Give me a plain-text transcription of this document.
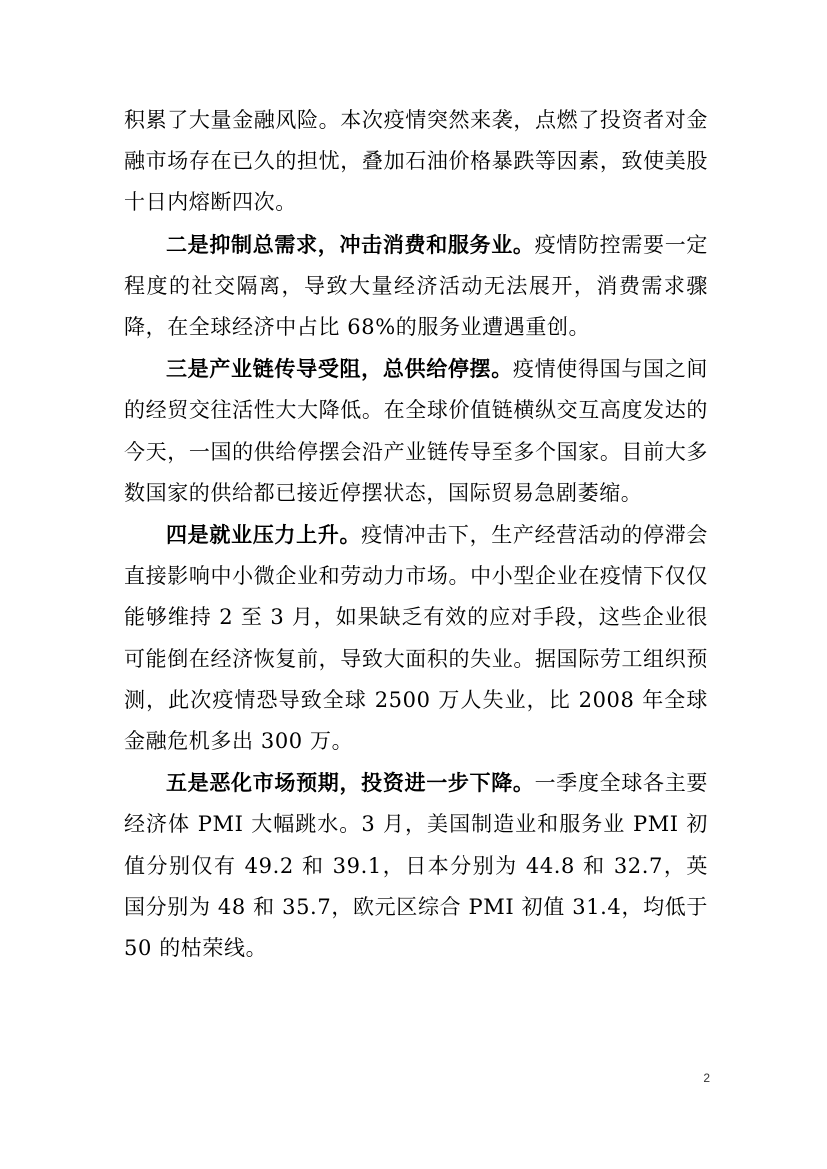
积累了大量金融风险。本次疫情突然来袭，点燃了投资者对金融市场存在已久的担忧，叠加石油价格暴跌等因素，致使美股十日内熔断四次。

二是抑制总需求，冲击消费和服务业。疫情防控需要一定程度的社交隔离，导致大量经济活动无法展开，消费需求骤降，在全球经济中占比 68%的服务业遭遇重创。

三是产业链传导受阻，总供给停摆。疫情使得国与国之间的经贸交往活性大大降低。在全球价值链横纵交互高度发达的今天，一国的供给停摆会沿产业链传导至多个国家。目前大多数国家的供给都已接近停摆状态，国际贸易急剧萎缩。

四是就业压力上升。疫情冲击下，生产经营活动的停滞会直接影响中小微企业和劳动力市场。中小型企业在疫情下仅仅能够维持 2 至 3 月，如果缺乏有效的应对手段，这些企业很可能倒在经济恢复前，导致大面积的失业。据国际劳工组织预测，此次疫情恐导致全球 2500 万人失业，比 2008 年全球金融危机多出 300 万。

五是恶化市场预期，投资进一步下降。一季度全球各主要经济体 PMI 大幅跳水。3 月，美国制造业和服务业 PMI 初值分别仅有 49.2 和 39.1，日本分别为 44.8 和 32.7，英国分别为 48 和 35.7，欧元区综合 PMI 初值 31.4，均低于 50 的枯荣线。

2
